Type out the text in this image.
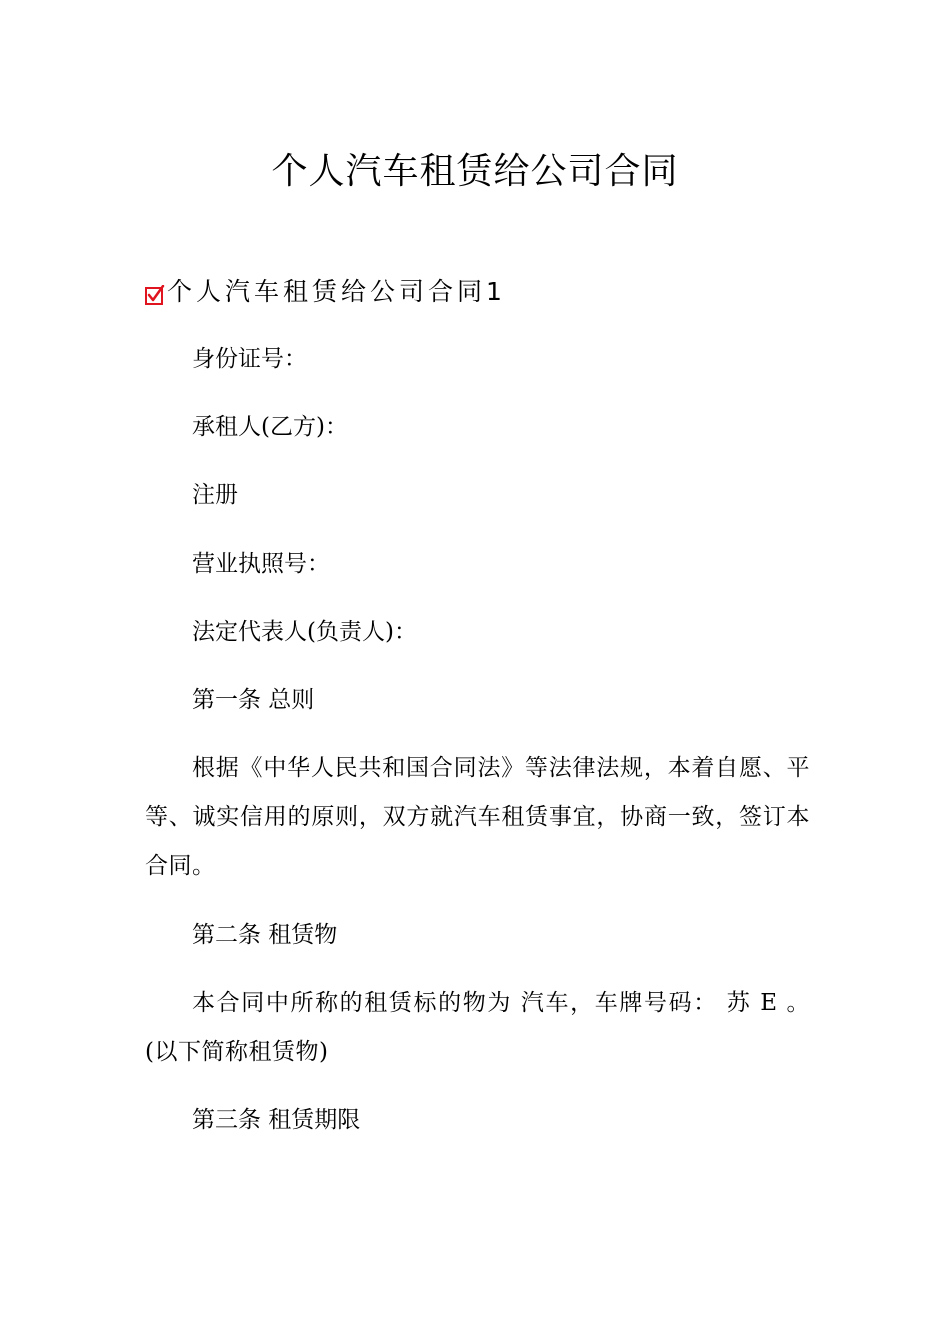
个人汽车租赁给公司合同
个人汽车租赁给公司合同1
身份证号：
承租人(乙方)：
注册
营业执照号：
法定代表人(负责人)：
第一条 总则
根据《中华人民共和国合同法》等法律法规，本着自愿、平等、诚实信用的原则，双方就汽车租赁事宜，协商一致，签订本合同。
第二条 租赁物
本合同中所称的租赁标的物为 汽车，车牌号码： 苏 E 。(以下简称租赁物)
第三条 租赁期限
